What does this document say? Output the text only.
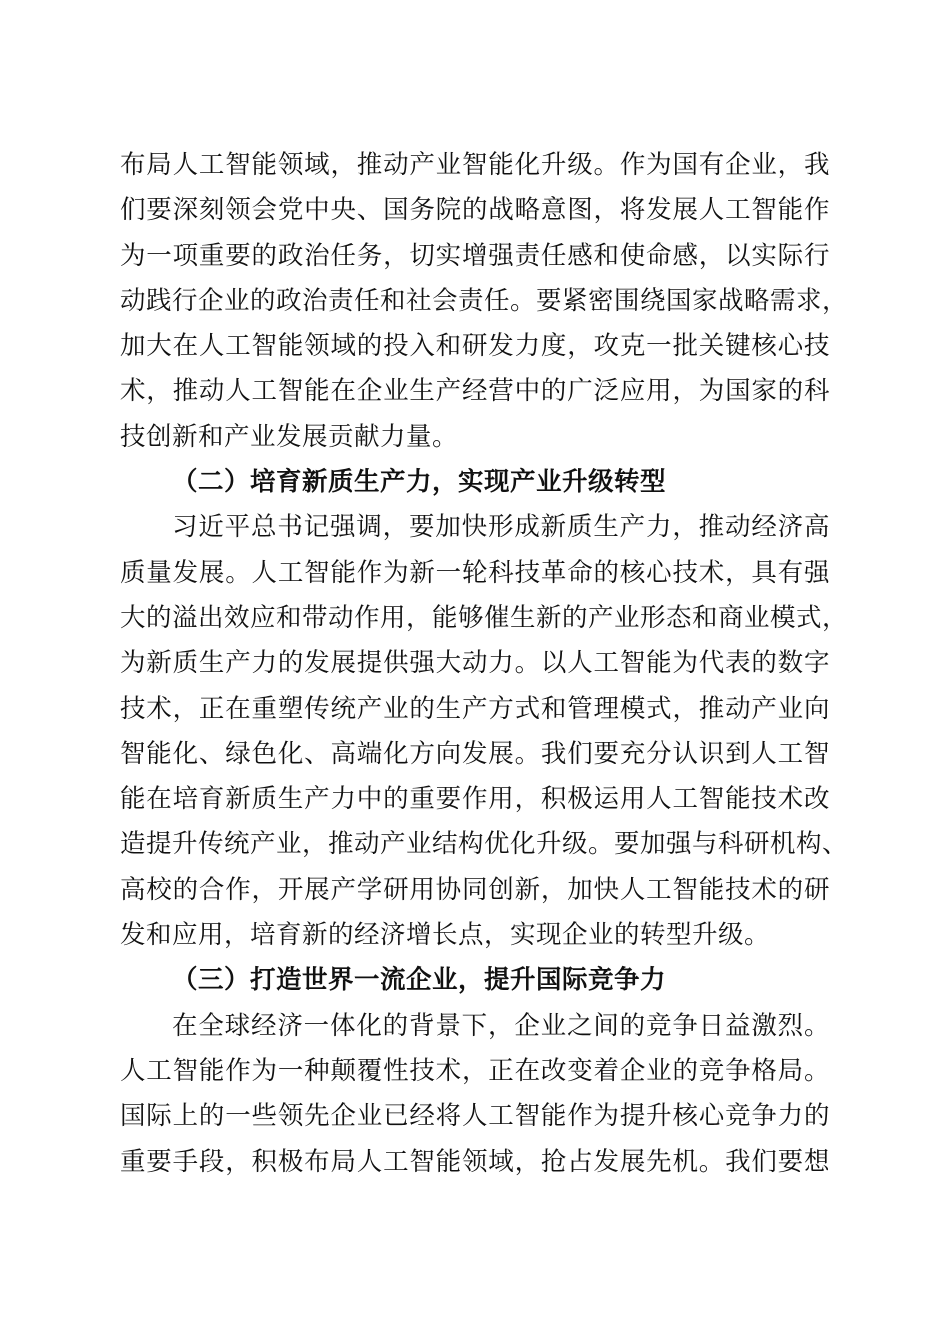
布局人工智能领域，推动产业智能化升级。作为国有企业，我
们要深刻领会党中央、国务院的战略意图，将发展人工智能作
为一项重要的政治任务，切实增强责任感和使命感，以实际行
动践行企业的政治责任和社会责任。要紧密围绕国家战略需求，
加大在人工智能领域的投入和研发力度，攻克一批关键核心技
术，推动人工智能在企业生产经营中的广泛应用，为国家的科
技创新和产业发展贡献力量。
（二）培育新质生产力，实现产业升级转型
习近平总书记强调，要加快形成新质生产力，推动经济高
质量发展。人工智能作为新一轮科技革命的核心技术，具有强
大的溢出效应和带动作用，能够催生新的产业形态和商业模式，
为新质生产力的发展提供强大动力。以人工智能为代表的数字
技术，正在重塑传统产业的生产方式和管理模式，推动产业向
智能化、绿色化、高端化方向发展。我们要充分认识到人工智
能在培育新质生产力中的重要作用，积极运用人工智能技术改
造提升传统产业，推动产业结构优化升级。要加强与科研机构、
高校的合作，开展产学研用协同创新，加快人工智能技术的研
发和应用，培育新的经济增长点，实现企业的转型升级。
（三）打造世界一流企业，提升国际竞争力
在全球经济一体化的背景下，企业之间的竞争日益激烈。
人工智能作为一种颠覆性技术，正在改变着企业的竞争格局。
国际上的一些领先企业已经将人工智能作为提升核心竞争力的
重要手段，积极布局人工智能领域，抢占发展先机。我们要想
